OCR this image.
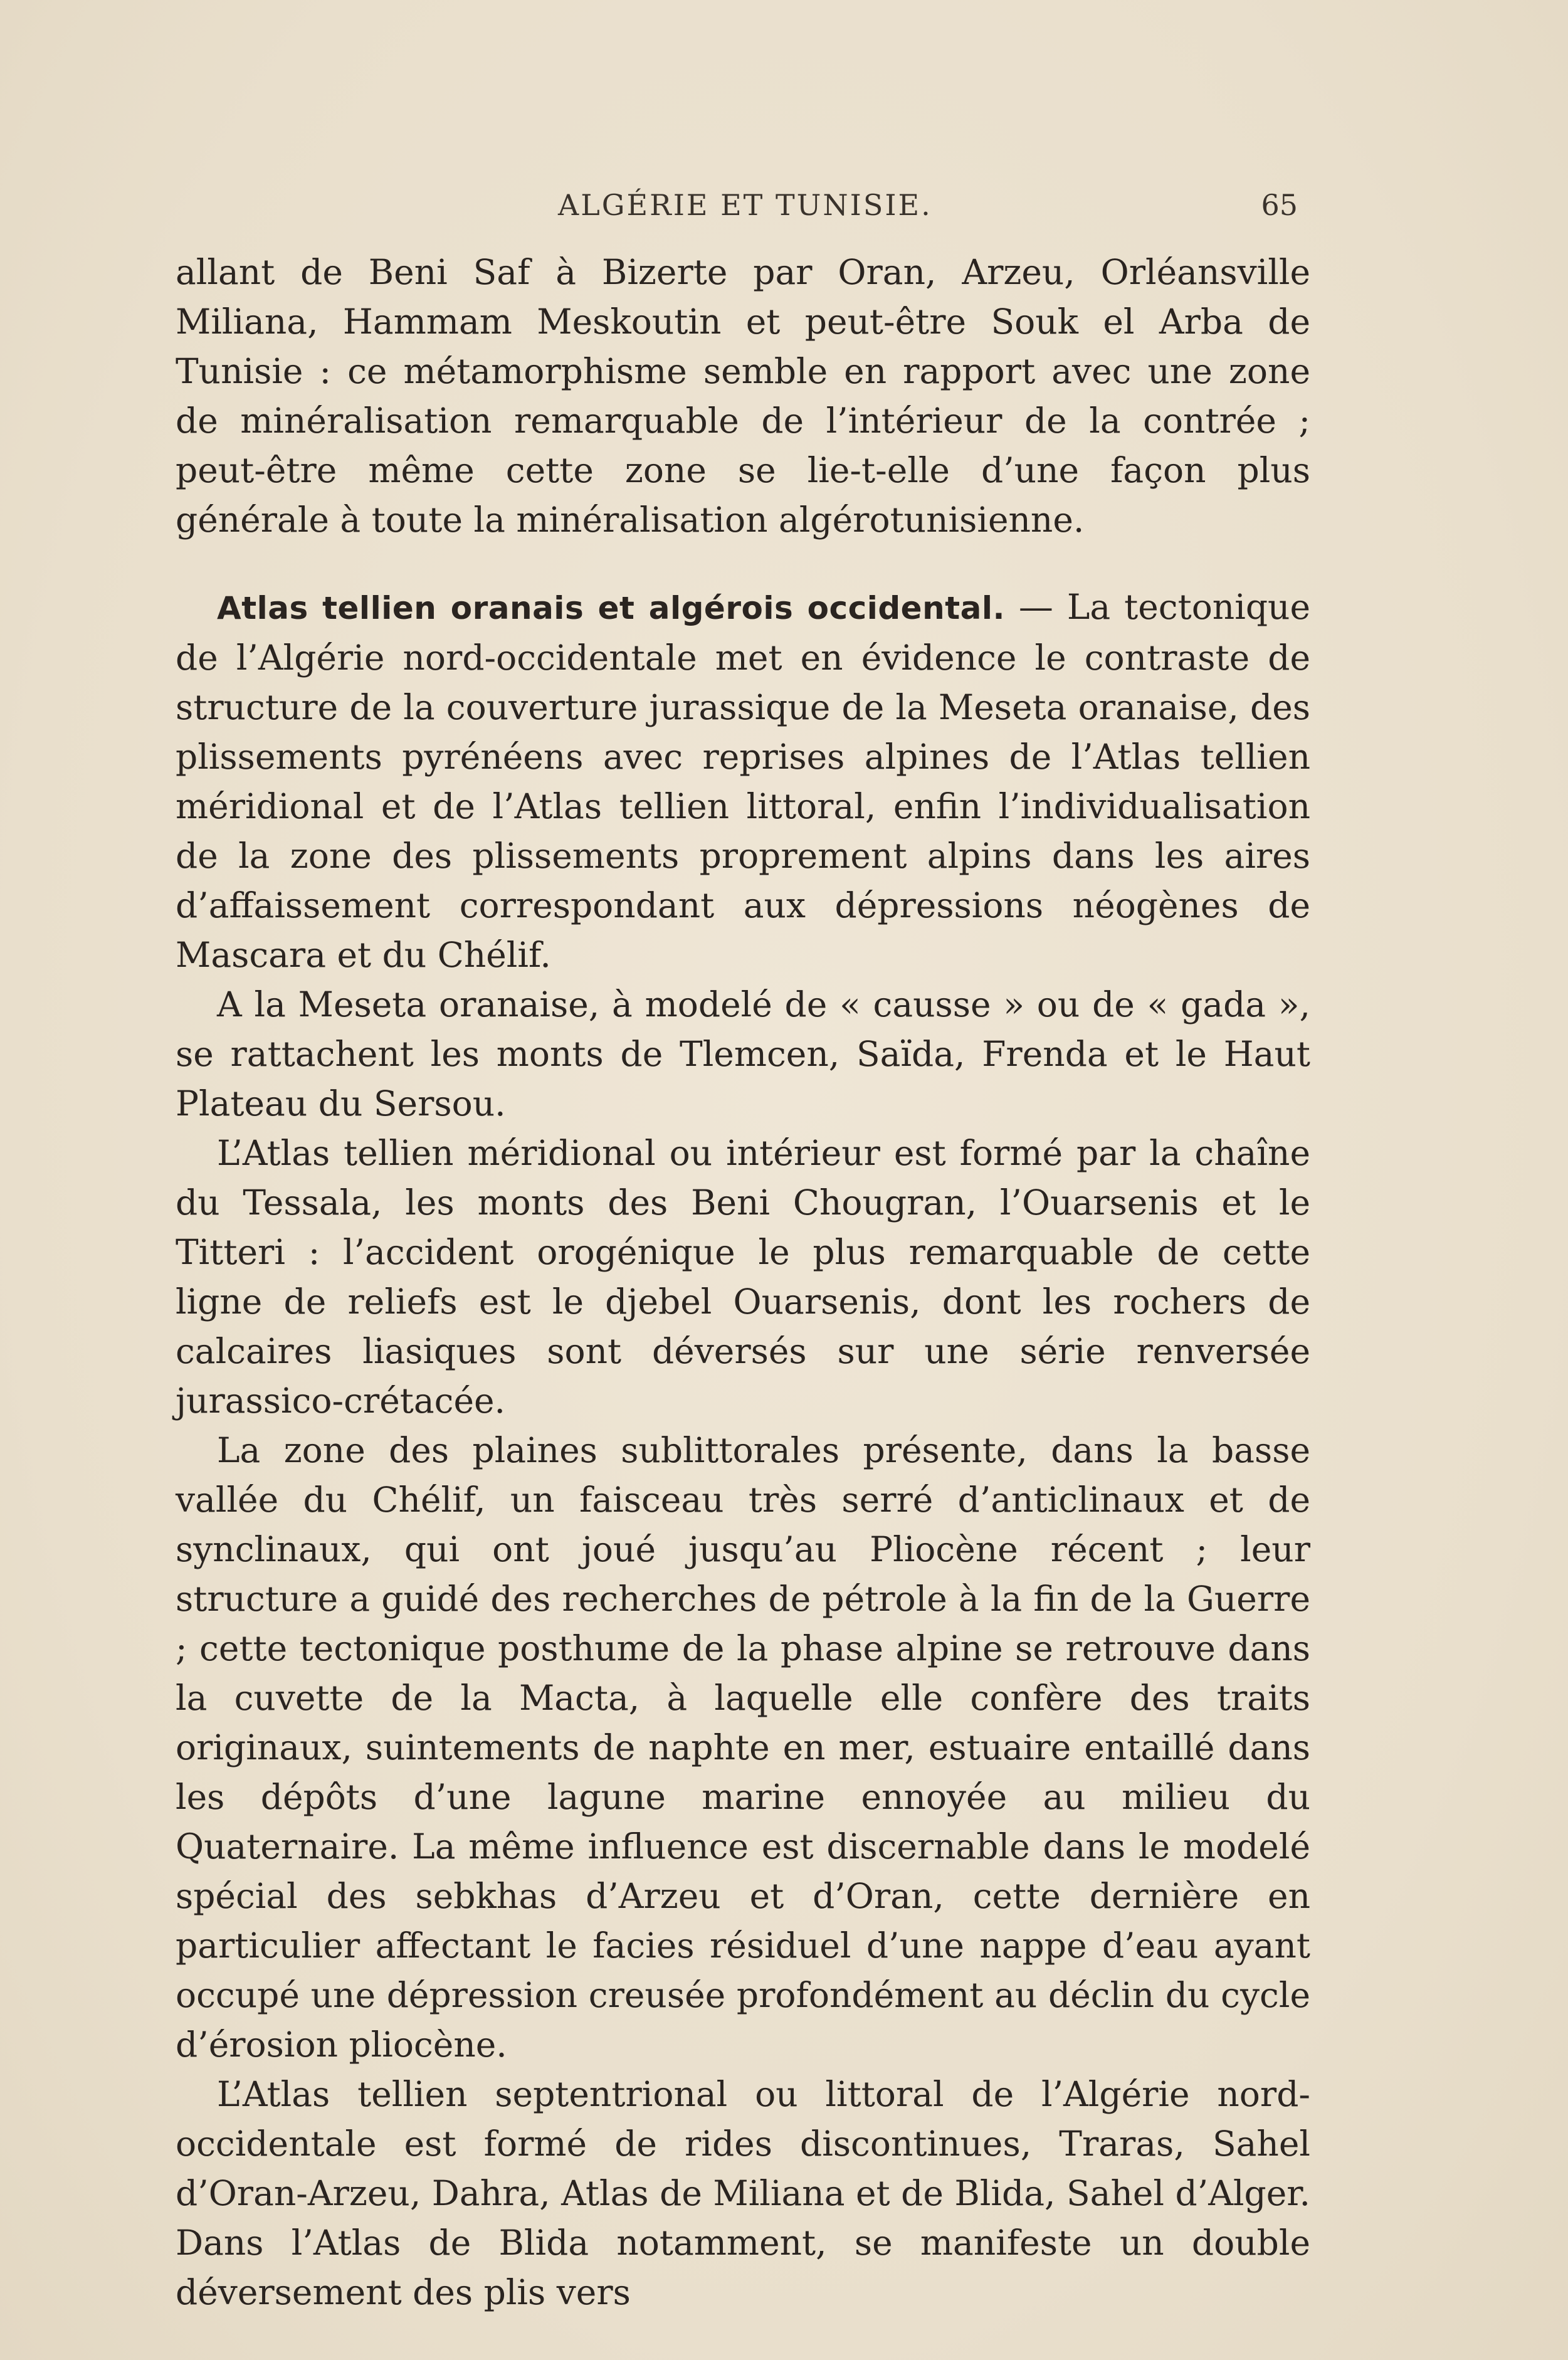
ALGÉRIE ET TUNISIE.	65

allant de Beni Saf à Bizerte par Oran, Arzeu, Orléansville Miliana, Hammam Meskoutin et peut-être Souk el Arba de Tunisie : ce métamorphisme semble en rapport avec une zone de minéralisation remarquable de l’intérieur de la contrée ; peut-être même cette zone se lie-t-elle d’une façon plus générale à toute la minéralisation algérotunisienne.

Atlas tellien oranais et algérois occidental. — La tectonique de l’Algérie nord-occidentale met en évidence le contraste de structure de la couverture jurassique de la Meseta oranaise, des plissements pyrénéens avec reprises alpines de l’Atlas tellien méridional et de l’Atlas tellien littoral, enfin l’individualisation de la zone des plissements proprement alpins dans les aires d’affaissement correspondant aux dépressions néogènes de Mascara et du Chélif.

A la Meseta oranaise, à modelé de « causse » ou de « gada », se rattachent les monts de Tlemcen, Saïda, Frenda et le Haut Plateau du Sersou.

L’Atlas tellien méridional ou intérieur est formé par la chaîne du Tessala, les monts des Beni Chougran, l’Ouarsenis et le Titteri : l’accident orogénique le plus remarquable de cette ligne de reliefs est le djebel Ouarsenis, dont les rochers de calcaires liasiques sont déversés sur une série renversée jurassico-crétacée.

La zone des plaines sublittorales présente, dans la basse vallée du Chélif, un faisceau très serré d’anticlinaux et de synclinaux, qui ont joué jusqu’au Pliocène récent ; leur structure a guidé des recherches de pétrole à la fin de la Guerre ; cette tectonique posthume de la phase alpine se retrouve dans la cuvette de la Macta, à laquelle elle confère des traits originaux, suintements de naphte en mer, estuaire entaillé dans les dépôts d’une lagune marine ennoyée au milieu du Quaternaire. La même influence est discernable dans le modelé spécial des sebkhas d’Arzeu et d’Oran, cette dernière en particulier affectant le facies résiduel d’une nappe d’eau ayant occupé une dépression creusée profondément au déclin du cycle d’érosion pliocène.

L’Atlas tellien septentrional ou littoral de l’Algérie nord-occidentale est formé de rides discontinues, Traras, Sahel d’Oran-Arzeu, Dahra, Atlas de Miliana et de Blida, Sahel d’Alger. Dans l’Atlas de Blida notamment, se manifeste un double déversement des plis vers
